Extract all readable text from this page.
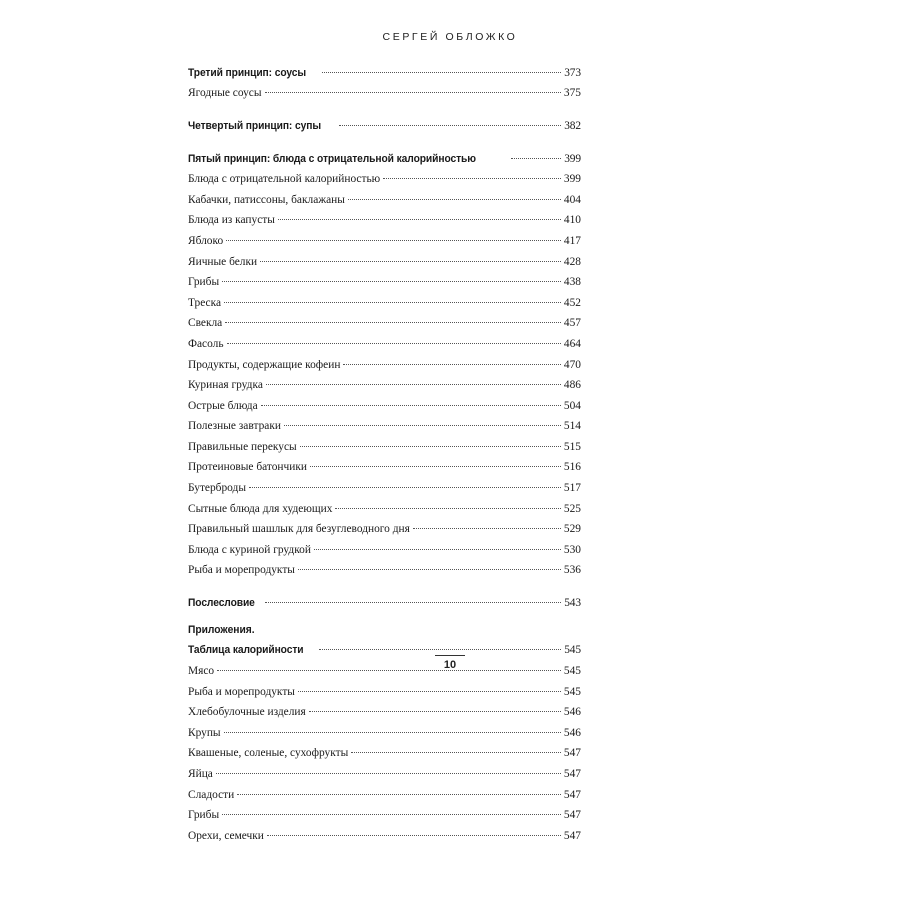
СЕРГЕЙ ОБЛОЖКО
Третий принцип: соусы	373
Ягодные соусы	375
Четвертый принцип: супы	382
Пятый принцип: блюда с отрицательной калорийностью	399
Блюда с отрицательной калорийностью	399
Кабачки, патиссоны, баклажаны	404
Блюда из капусты	410
Яблоко	417
Яичные белки	428
Грибы	438
Треска	452
Свекла	457
Фасоль	464
Продукты, содержащие кофеин	470
Куриная грудка	486
Острые блюда	504
Полезные завтраки	514
Правильные перекусы	515
Протеиновые батончики	516
Бутерброды	517
Сытные блюда для худеющих	525
Правильный шашлык для безуглеводного дня	529
Блюда с куриной грудкой	530
Рыба и морепродукты	536
Послесловие	543
Приложения.
Таблица калорийности	545
Мясо	545
Рыба и морепродукты	545
Хлебобулочные изделия	546
Крупы	546
Квашеные, соленые, сухофрукты	547
Яйца	547
Сладости	547
Грибы	547
Орехи, семечки	547
10
